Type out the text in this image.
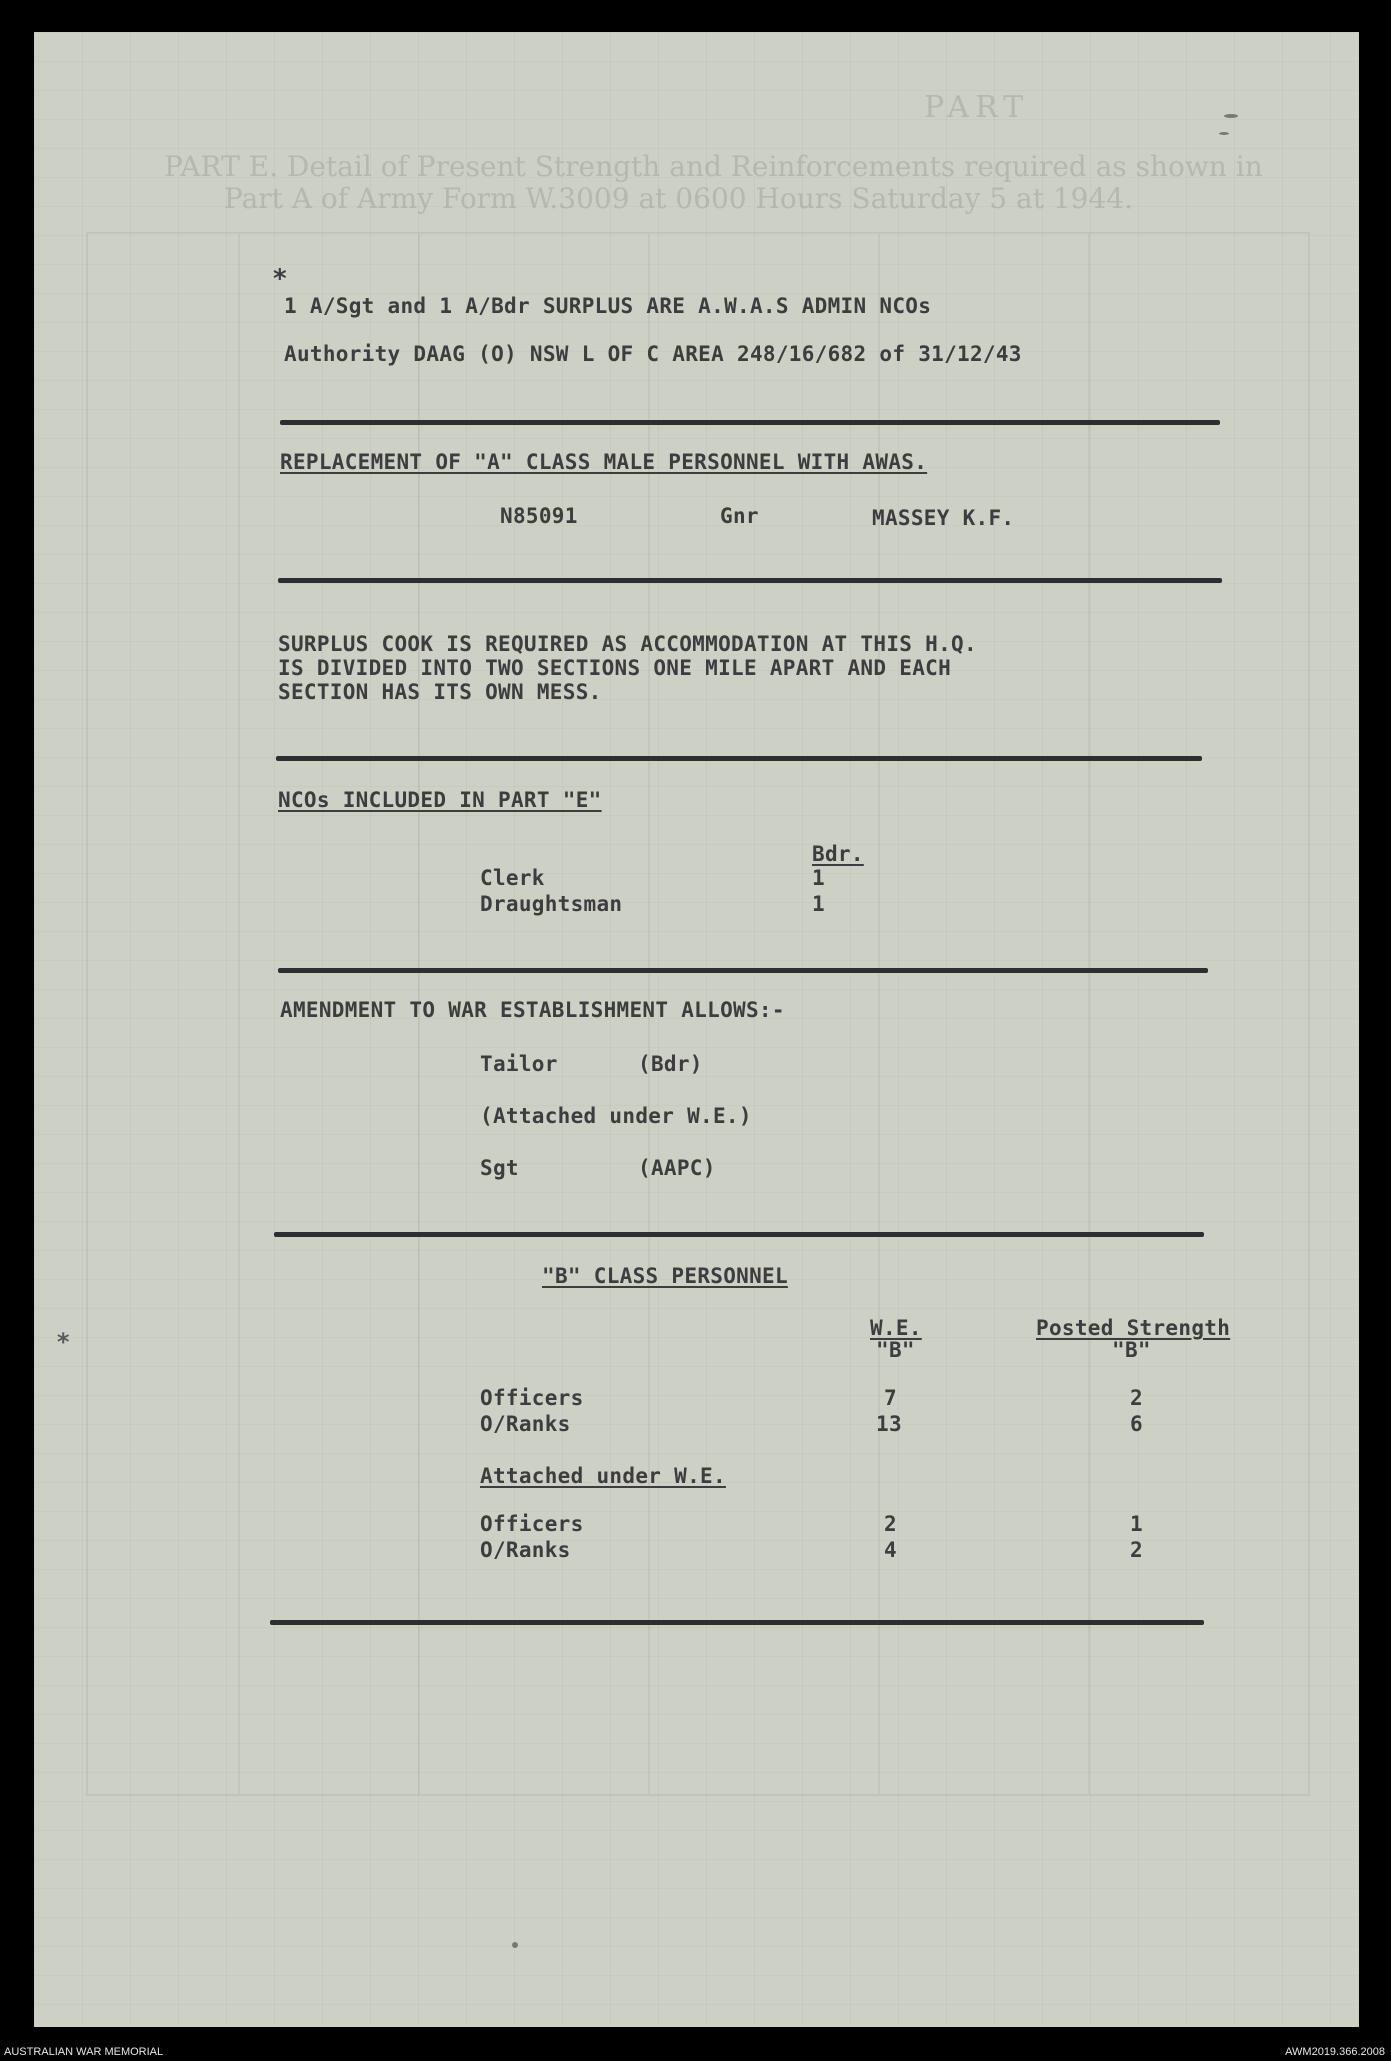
PART
PART E. Detail of Present Strength and Reinforcements required as shown in
Part A of Army Form W.3009 at 0600 Hours Saturday 5 at 1944.
*
1 A/Sgt and 1 A/Bdr SURPLUS ARE A.W.A.S ADMIN NCOs
Authority DAAG (O) NSW L OF C AREA 248/16/682 of 31/12/43
REPLACEMENT OF "A" CLASS MALE PERSONNEL WITH AWAS.
N85091	Gnr	MASSEY K.F.
SURPLUS COOK IS REQUIRED AS ACCOMMODATION AT THIS H.Q.
IS DIVIDED INTO TWO SECTIONS ONE MILE APART AND EACH
SECTION HAS ITS OWN MESS.
NCOs INCLUDED IN PART "E"
Bdr.
Clerk	1
Draughtsman	1
AMENDMENT TO WAR ESTABLISHMENT ALLOWS:-
Tailor	(Bdr)
(Attached under W.E.)
Sgt	(AAPC)
"B" CLASS PERSONNEL
W.E.
"B"
Posted Strength
"B"
Officers	7	2
O/Ranks	13	6
Attached under W.E.
Officers	2	1
O/Ranks	4	2
*
AUSTRALIAN WAR MEMORIAL	AWM2019.366.2008
